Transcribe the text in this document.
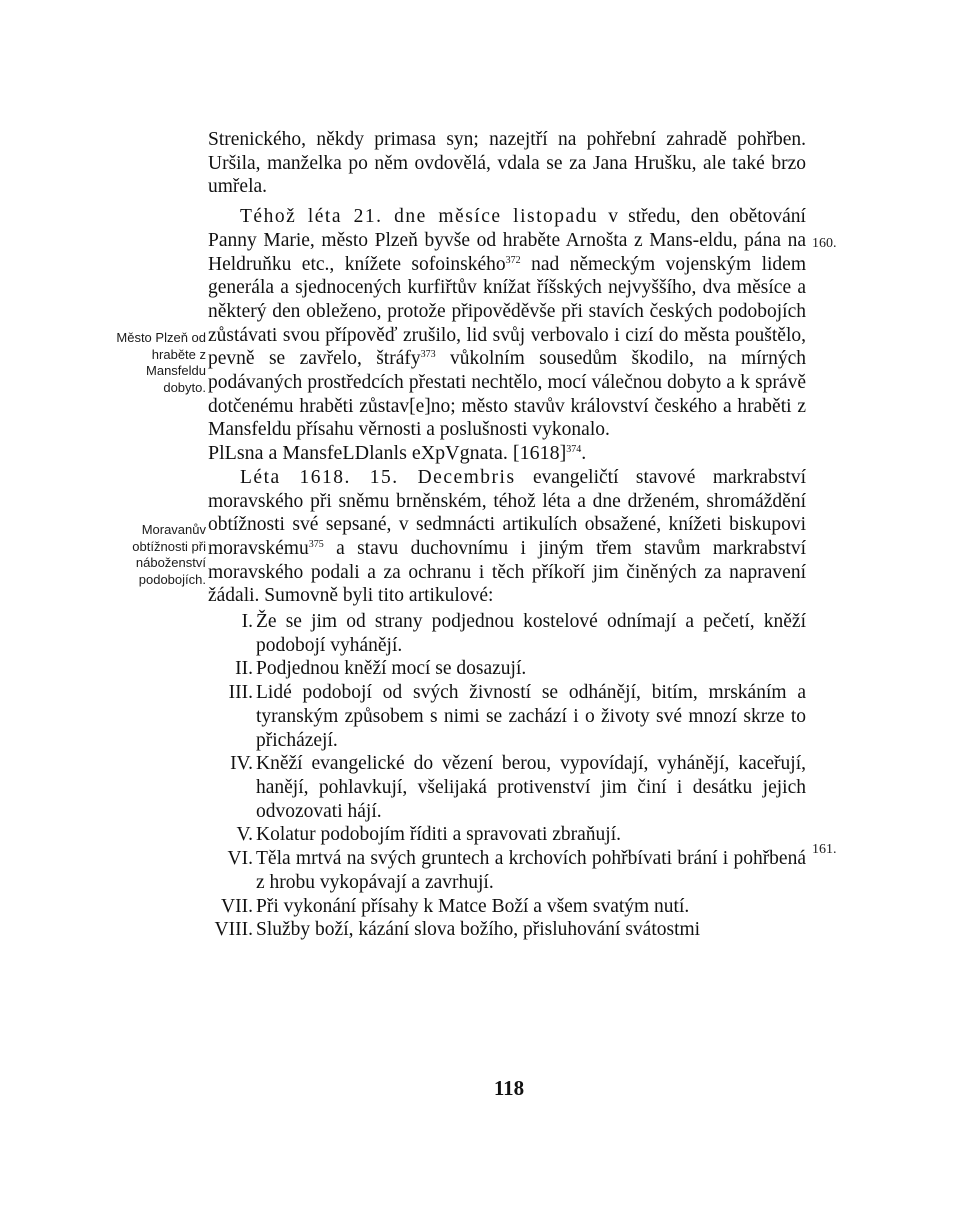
Město Plzeň od hraběte z Mansfeldu dobyto.
Moravanův obtížnosti při náboženství podobojích.
160.
161.

Strenického, někdy primasa syn; nazejtří na pohřební zahradě pohřben. Uršila, manželka po něm ovdovělá, vdala se za Jana Hrušku, ale také brzo umřela.

Téhož léta 21. dne měsíce listopadu v středu, den obětování Panny Marie, město Plzeň byvše od hraběte Arnošta z Mans-eldu, pána na Heldruňku etc., knížete sofoinského$^{372}$ nad německým vojenským lidem generála a sjednocených kurfiřtův knížat říšských nejvyššího, dva měsíce a některý den obleženo, protože připověděvše při stavích českých podobojích zůstávati svou přípověď zrušilo, lid svůj verbovalo i cizí do města pouštělo, pevně se zavřelo, štráfy$^{373}$ vůkolním sousedům škodilo, na mírných podávaných prostředcích přestati nechtělo, mocí válečnou dobyto a k správě dotčenému hraběti zůstav[e]no; město stavův království českého a hraběti z Mansfeldu přísahu věrnosti a poslušnosti vykonalo.

PlLsna a MansfeLDlanls eXpVgnata. $[1618]^{374}$.

Léta 1618. 15. Decembris evangeličtí stavové markrabství moravského při sněmu brněnském, téhož léta a dne drženém, shromáždění obtížnosti své sepsané, v sedmnácti artikulích obsažené, knížeti biskupovi moravskému$^{375}$ a stavu duchovnímu i jiným třem stavům markrabství moravského podali a za ochranu i těch příkoří jim činěných za napravení žádali. Sumovně byli tito artikulové:

I. Že se jim od strany podjednou kostelové odnímají a pečetí, kněží podobojí vyhánějí.
II. Podjednou kněží mocí se dosazují.
III. Lidé podobojí od svých živností se odhánějí, bitím, mrskáním a tyranským způsobem s nimi se zachází i o životy své mnozí skrze to přicházejí.
IV. Kněží evangelické do vězení berou, vypovídají, vyhánějí, kaceřují, hanějí, pohlavkují, všelijaká protivenství jim činí i desátku jejich odvozovati hájí.
V. Kolatur podobojím říditi a spravovati zbraňují.
VI. Těla mrtvá na svých gruntech a krchovích pohřbívati brání i pohřbená z hrobu vykopávají a zavrhují.
VII. Při vykonání přísahy k Matce Boží a všem svatým nutí.
VIII. Služby boží, kázání slova božího, přisluhování svátostmi
118
